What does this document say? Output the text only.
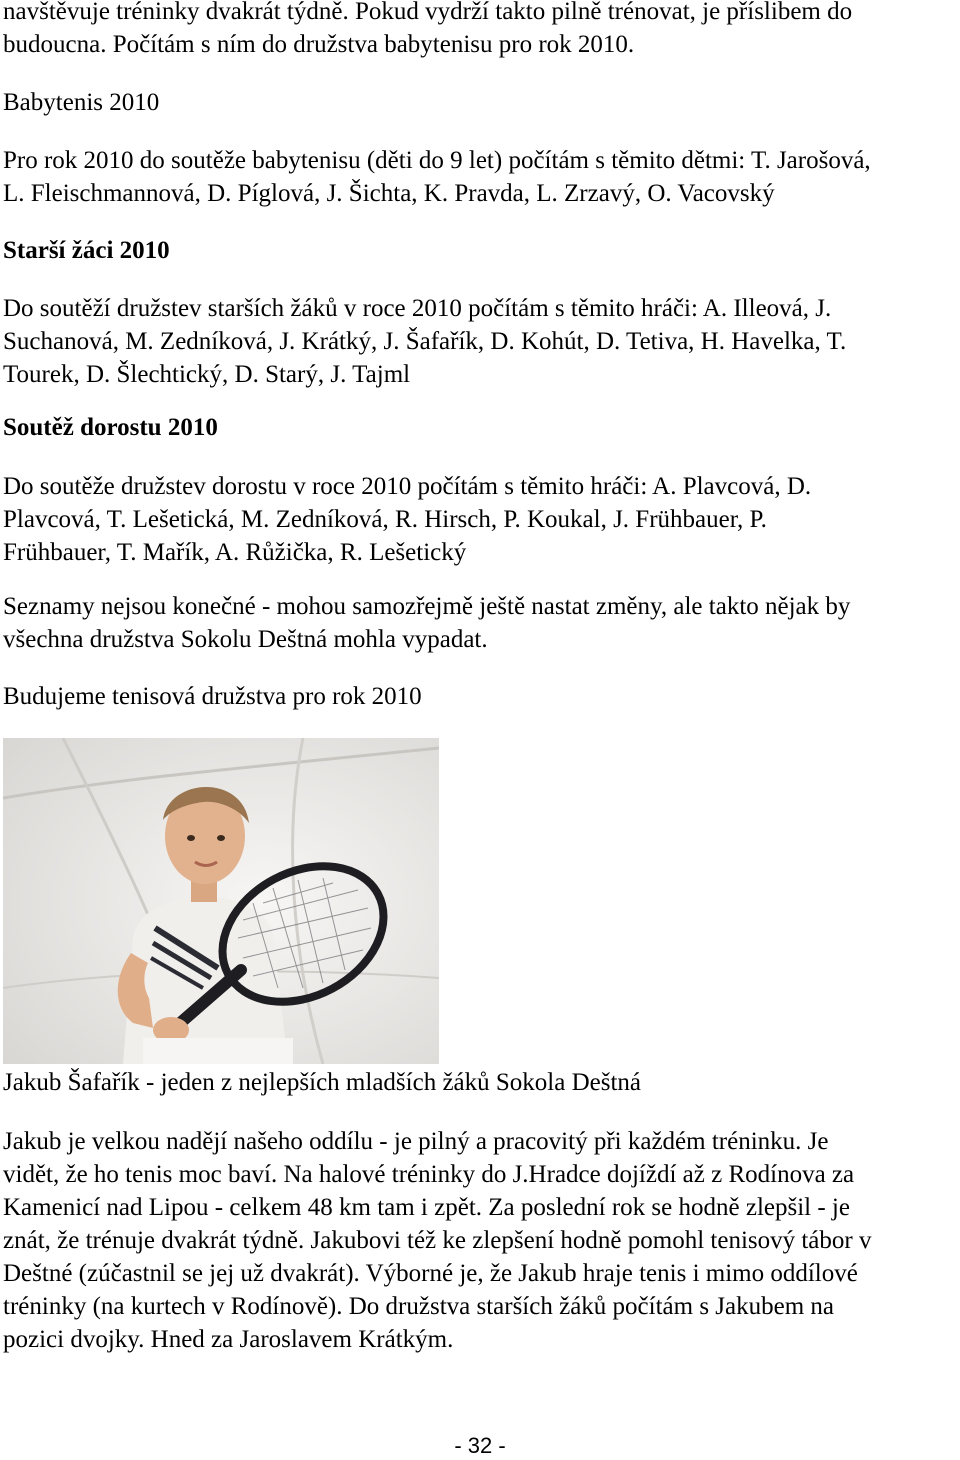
navštěvuje tréninky dvakrát týdně. Pokud vydrží takto pilně trénovat, je příslibem do
budoucna. Počítám s ním do družstva babytenisu pro rok 2010.

Babytenis 2010

Pro rok 2010 do soutěže babytenisu (děti do 9 let) počítám s těmito dětmi: T. Jarošová,
L. Fleischmannová, D. Píglová, J. Šichta, K. Pravda, L. Zrzavý, O. Vacovský

Starší žáci 2010

Do soutěží družstev starších žáků v roce 2010 počítám s těmito hráči: A. Illeová, J.
Suchanová, M. Zedníková, J. Krátký, J. Šafařík, D. Kohút, D. Tetiva, H. Havelka, T.
Tourek, D. Šlechtický, D. Starý, J. Tajml

Soutěž dorostu 2010

Do soutěže družstev dorostu v roce 2010 počítám s těmito hráči: A. Plavcová, D.
Plavcová, T. Lešetická, M. Zedníková, R. Hirsch, P. Koukal, J. Frühbauer, P.
Frühbauer, T. Mařík, A. Růžička, R. Lešetický

Seznamy nejsou konečné - mohou samozřejmě ještě nastat změny, ale takto nějak by
všechna družstva Sokolu Deštná mohla vypadat.

Budujeme tenisová družstva pro rok 2010

Jakub Šafařík - jeden z nejlepších mladších žáků Sokola Deštná

Jakub je velkou nadějí našeho oddílu - je pilný a pracovitý při každém tréninku. Je
vidět, že ho tenis moc baví. Na halové tréninky do J.Hradce dojíždí až z Rodínova za
Kamenicí nad Lipou - celkem 48 km tam i zpět. Za poslední rok se hodně zlepšil - je
znát, že trénuje dvakrát týdně. Jakubovi též ke zlepšení hodně pomohl tenisový tábor v
Deštné (zúčastnil se jej už dvakrát). Výborné je, že Jakub hraje tenis i mimo oddílové
tréninky (na kurtech v Rodínově). Do družstva starších žáků počítám s Jakubem na
pozici dvojky. Hned za Jaroslavem Krátkým.

- 32 -
